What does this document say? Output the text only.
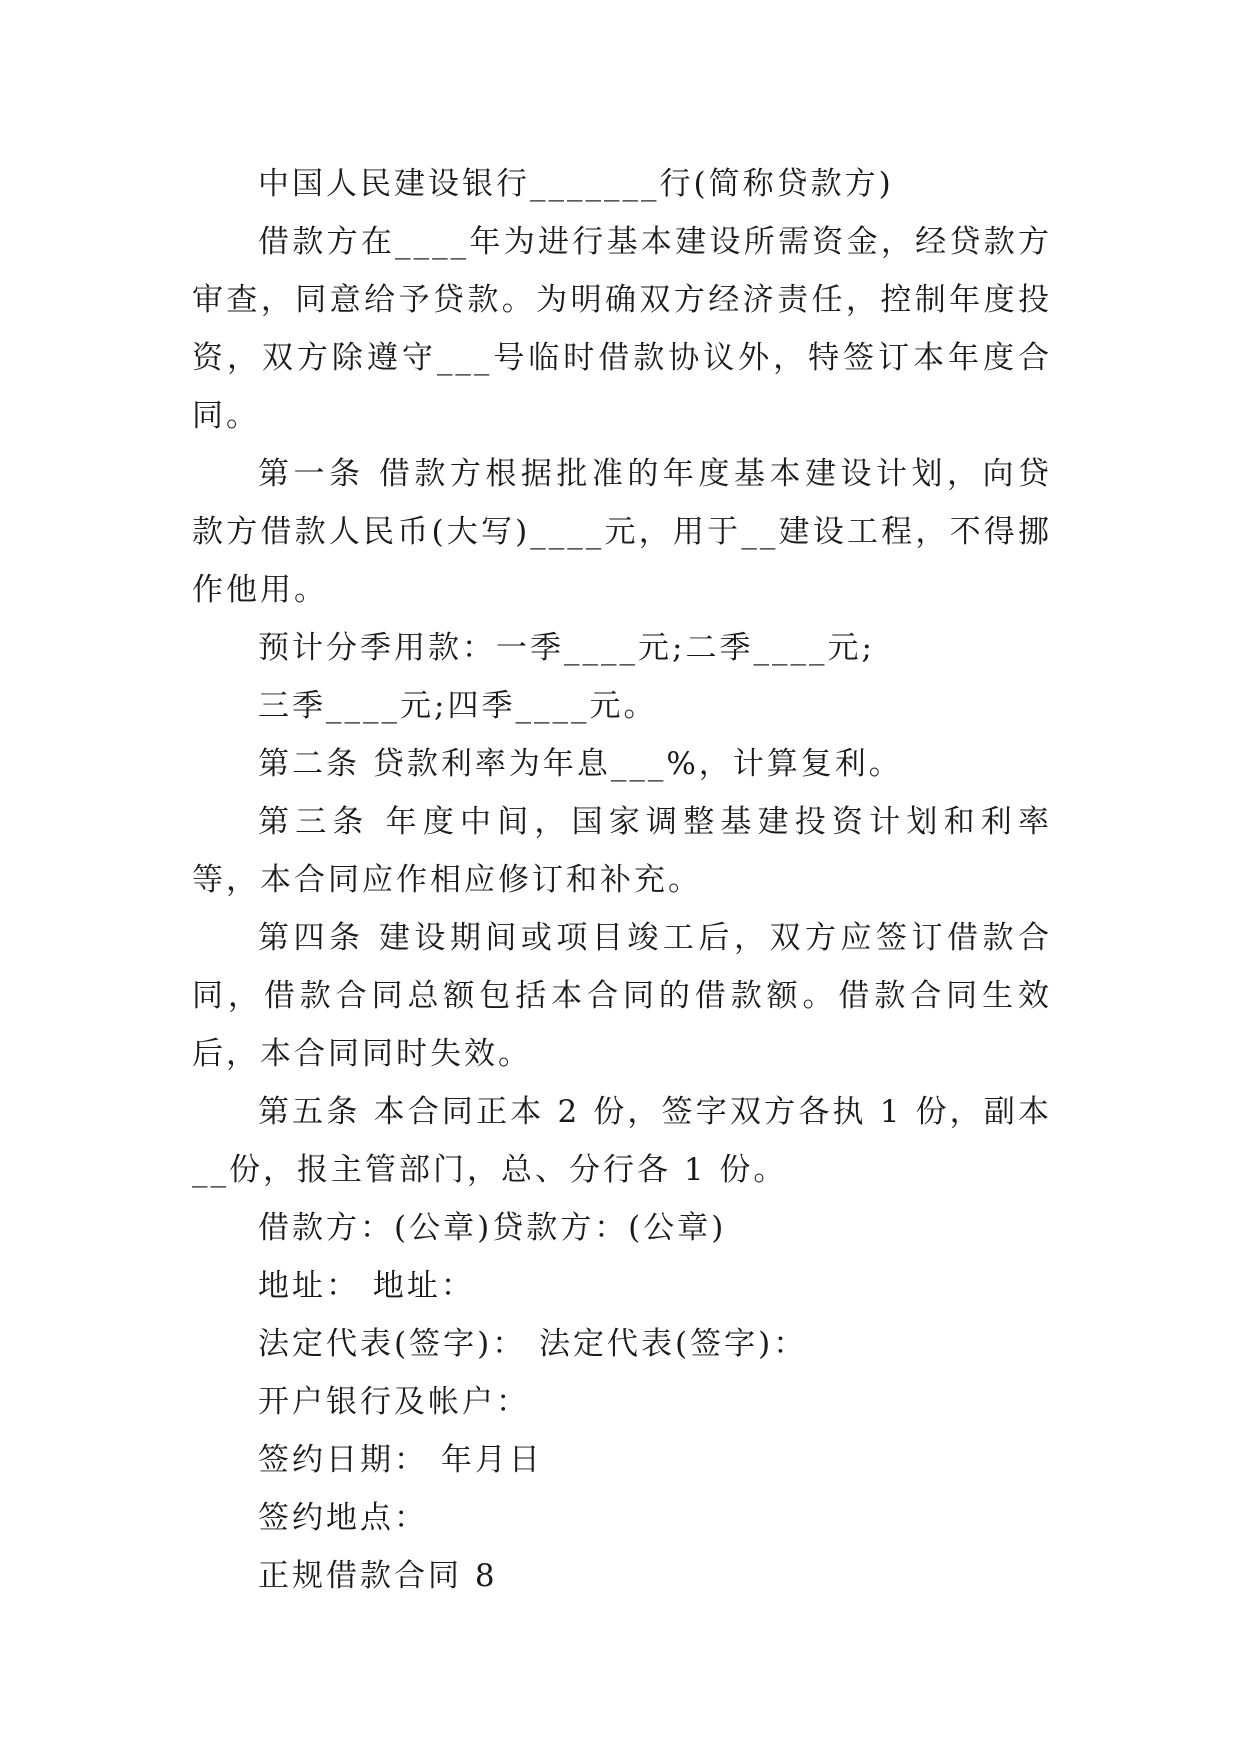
中国人民建设银行_______行(简称贷款方)

借款方在____年为进行基本建设所需资金，经贷款方审查，同意给予贷款。为明确双方经济责任，控制年度投资，双方除遵守___号临时借款协议外，特签订本年度合同。

第一条 借款方根据批准的年度基本建设计划，向贷款方借款人民币(大写)____元，用于__建设工程，不得挪作他用。

预计分季用款：一季____元;二季____元;

三季____元;四季____元。

第二条 贷款利率为年息___%，计算复利。

第三条 年度中间，国家调整基建投资计划和利率等，本合同应作相应修订和补充。

第四条 建设期间或项目竣工后，双方应签订借款合同，借款合同总额包括本合同的借款额。借款合同生效后，本合同同时失效。

第五条 本合同正本 2 份，签字双方各执 1 份，副本__份，报主管部门，总、分行各 1 份。

借款方：(公章)贷款方：(公章)

地址： 地址：

法定代表(签字)： 法定代表(签字)：

开户银行及帐户：

签约日期： 年月日

签约地点：

正规借款合同 8
